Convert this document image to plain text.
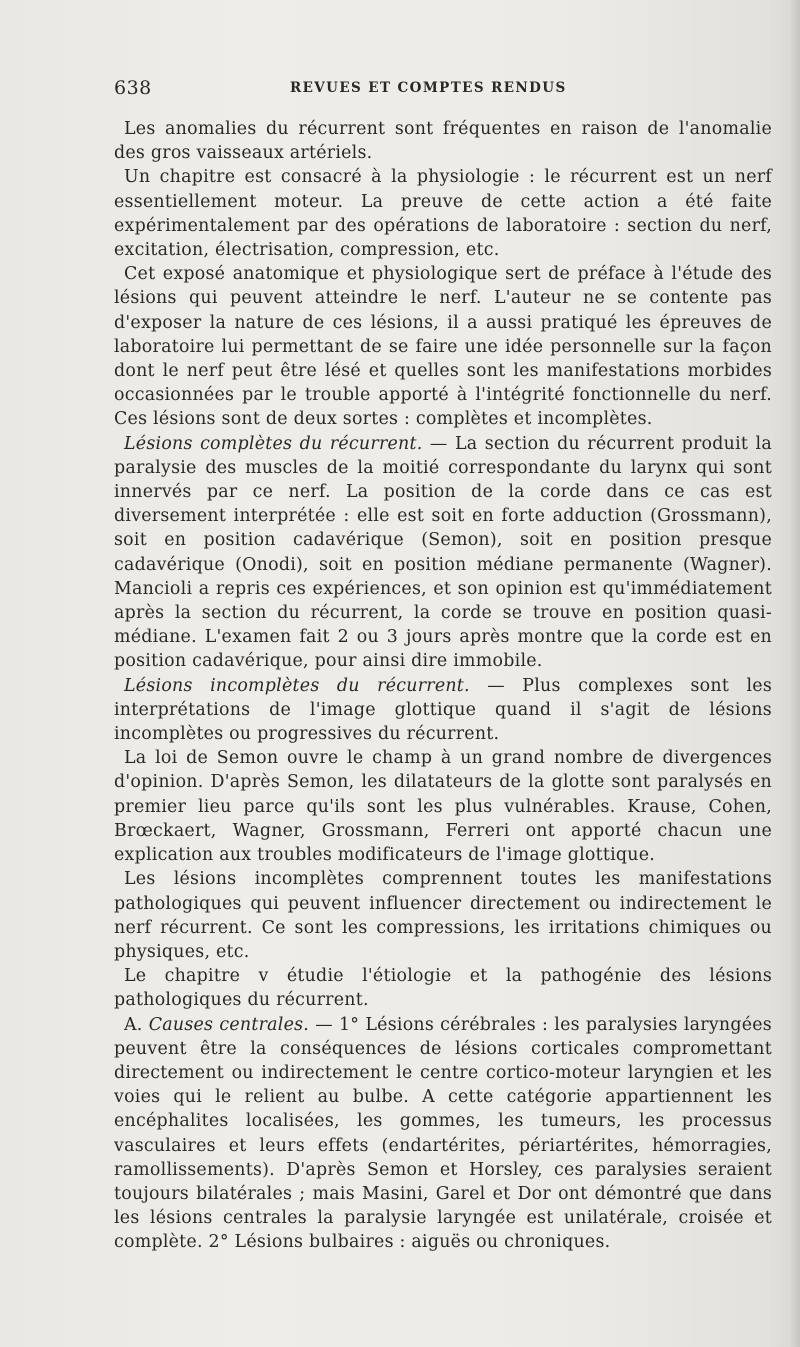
638	REVUES ET COMPTES RENDUS

Les anomalies du récurrent sont fréquentes en raison de l'anomalie des gros vaisseaux artériels.

Un chapitre est consacré à la physiologie : le récurrent est un nerf essentiellement moteur. La preuve de cette action a été faite expérimentalement par des opérations de laboratoire : section du nerf, excitation, électrisation, compression, etc.

Cet exposé anatomique et physiologique sert de préface à l'étude des lésions qui peuvent atteindre le nerf. L'auteur ne se contente pas d'exposer la nature de ces lésions, il a aussi pratiqué les épreuves de laboratoire lui permettant de se faire une idée personnelle sur la façon dont le nerf peut être lésé et quelles sont les manifestations morbides occasionnées par le trouble apporté à l'intégrité fonctionnelle du nerf. Ces lésions sont de deux sortes : complètes et incomplètes.

Lésions complètes du récurrent. — La section du récurrent produit la paralysie des muscles de la moitié correspondante du larynx qui sont innervés par ce nerf. La position de la corde dans ce cas est diversement interprétée : elle est soit en forte adduction (Grossmann), soit en position cadavérique (Semon), soit en position presque cadavérique (Onodi), soit en position médiane permanente (Wagner). Mancioli a repris ces expériences, et son opinion est qu'immédiatement après la section du récurrent, la corde se trouve en position quasi-médiane. L'examen fait 2 ou 3 jours après montre que la corde est en position cadavérique, pour ainsi dire immobile.

Lésions incomplètes du récurrent. — Plus complexes sont les interprétations de l'image glottique quand il s'agit de lésions incomplètes ou progressives du récurrent.

La loi de Semon ouvre le champ à un grand nombre de divergences d'opinion. D'après Semon, les dilatateurs de la glotte sont paralysés en premier lieu parce qu'ils sont les plus vulnérables. Krause, Cohen, Brœckaert, Wagner, Grossmann, Ferreri ont apporté chacun une explication aux troubles modificateurs de l'image glottique.

Les lésions incomplètes comprennent toutes les manifestations pathologiques qui peuvent influencer directement ou indirectement le nerf récurrent. Ce sont les compressions, les irritations chimiques ou physiques, etc.

Le chapitre v étudie l'étiologie et la pathogénie des lésions pathologiques du récurrent.

A. Causes centrales. — 1° Lésions cérébrales : les paralysies laryngées peuvent être la conséquences de lésions corticales compromettant directement ou indirectement le centre cortico-moteur laryngien et les voies qui le relient au bulbe. A cette catégorie appartiennent les encéphalites localisées, les gommes, les tumeurs, les processus vasculaires et leurs effets (endartérites, périartérites, hémorragies, ramollissements). D'après Semon et Horsley, ces paralysies seraient toujours bilatérales ; mais Masini, Garel et Dor ont démontré que dans les lésions centrales la paralysie laryngée est unilatérale, croisée et complète. 2° Lésions bulbaires : aiguës ou chroniques.
